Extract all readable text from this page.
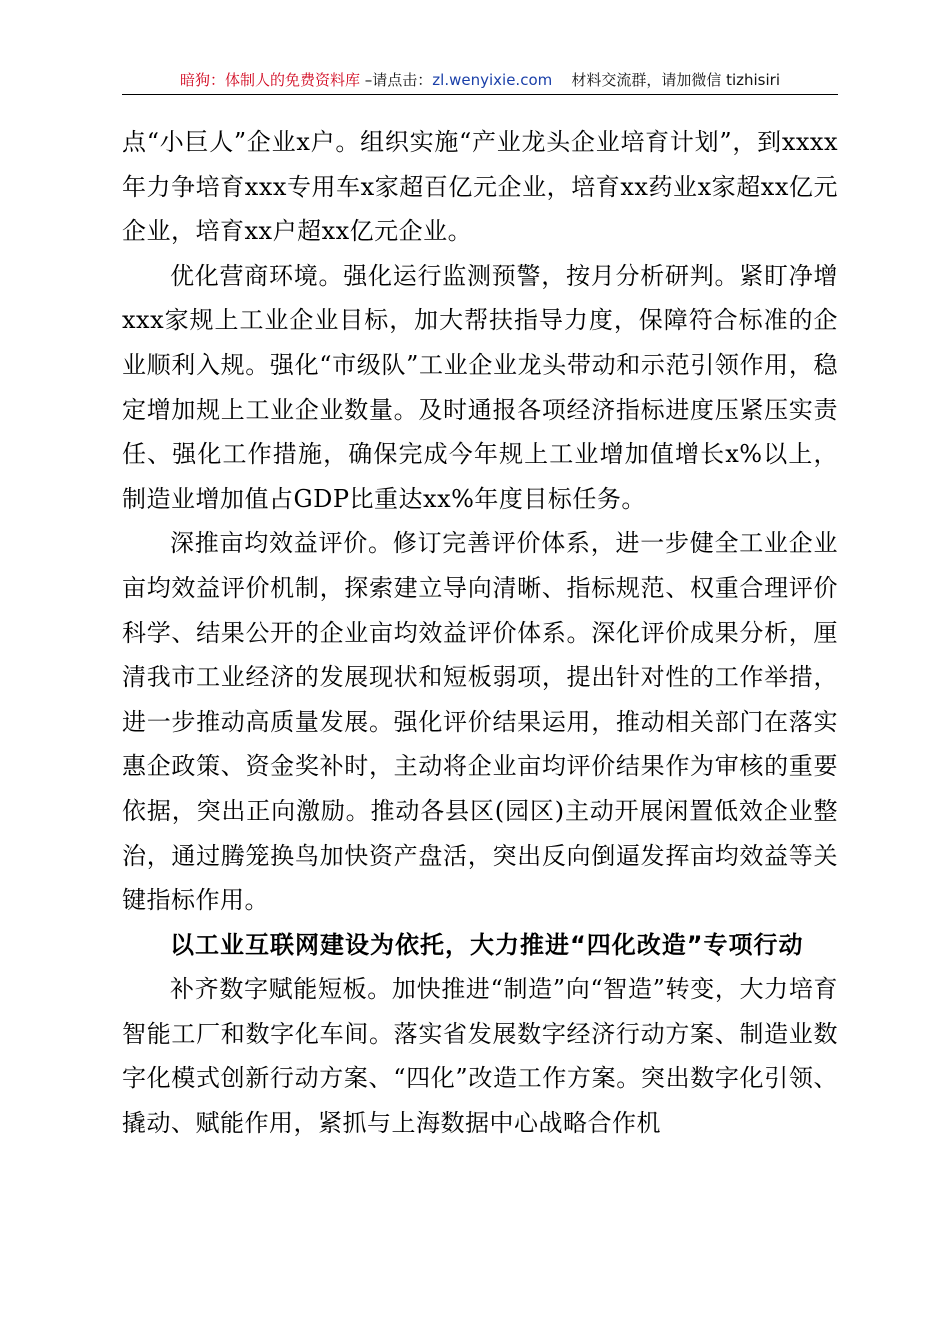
暗狗：体制人的免费资料库 –请点击：zl.wenyixie.com 材料交流群，请加微信 tizhisiri

点“小巨人”企业x户。组织实施“产业龙头企业培育计划”，到xxxx年力争培育xxx专用车x家超百亿元企业，培育xx药业x家超xx亿元企业，培育xx户超xx亿元企业。

优化营商环境。强化运行监测预警，按月分析研判。紧盯净增xxx家规上工业企业目标，加大帮扶指导力度，保障符合标准的企业顺利入规。强化“市级队”工业企业龙头带动和示范引领作用，稳定增加规上工业企业数量。及时通报各项经济指标进度压紧压实责任、强化工作措施，确保完成今年规上工业增加值增长x%以上，制造业增加值占GDP比重达xx%年度目标任务。

深推亩均效益评价。修订完善评价体系，进一步健全工业企业亩均效益评价机制，探索建立导向清晰、指标规范、权重合理评价科学、结果公开的企业亩均效益评价体系。深化评价成果分析，厘清我市工业经济的发展现状和短板弱项，提出针对性的工作举措，进一步推动高质量发展。强化评价结果运用，推动相关部门在落实惠企政策、资金奖补时，主动将企业亩均评价结果作为审核的重要依据，突出正向激励。推动各县区(园区)主动开展闲置低效企业整治，通过腾笼换鸟加快资产盘活，突出反向倒逼发挥亩均效益等关键指标作用。

以工业互联网建设为依托，大力推进“四化改造”专项行动

补齐数字赋能短板。加快推进“制造”向“智造”转变，大力培育智能工厂和数字化车间。落实省发展数字经济行动方案、制造业数字化模式创新行动方案、“四化”改造工作方案。突出数字化引领、撬动、赋能作用，紧抓与上海数据中心战略合作机
